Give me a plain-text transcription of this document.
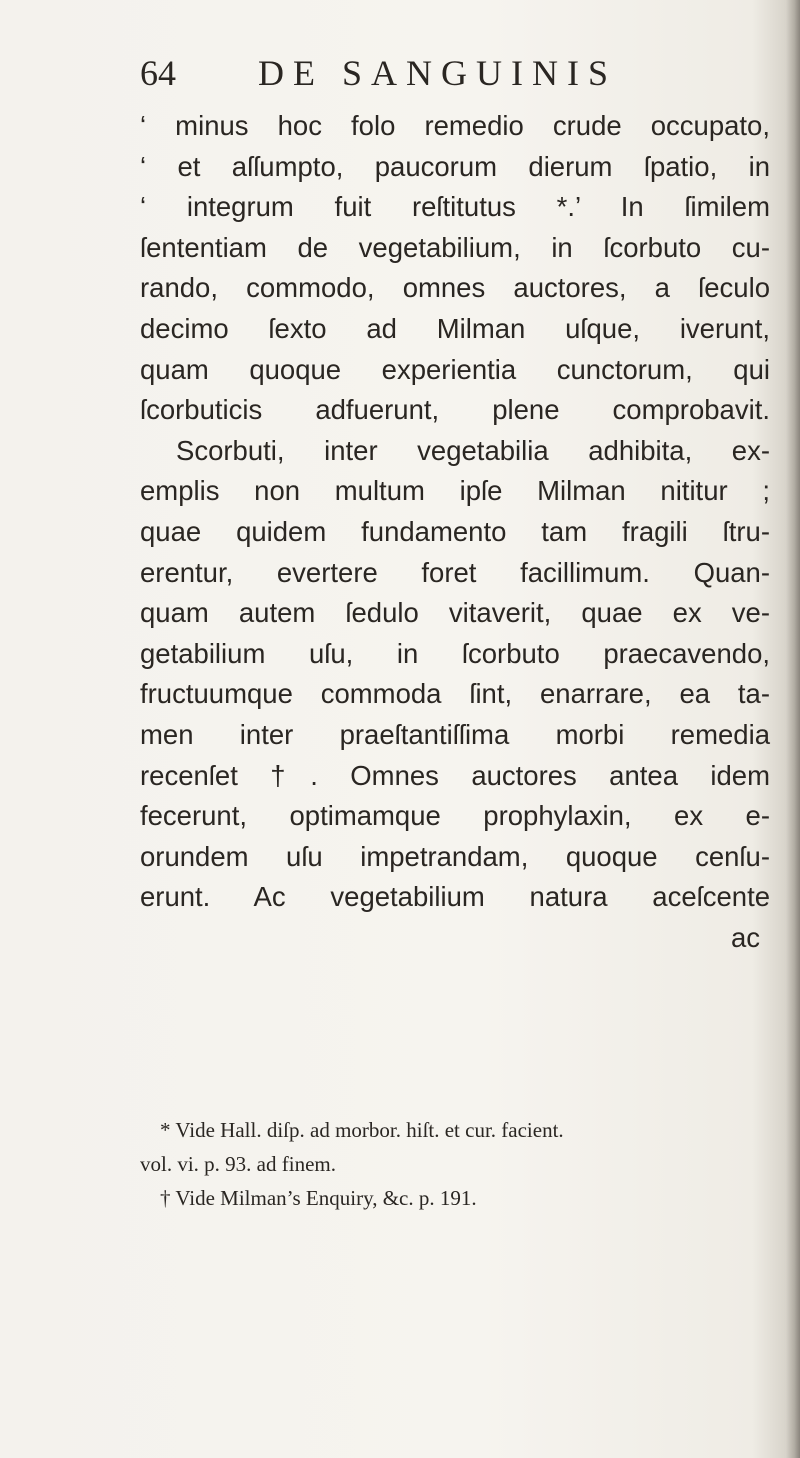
64 DE SANGUINIS
‘ minus hoc folo remedio crude occupato,
‘ et aſſumpto, paucorum dierum ſpatio, in
‘ integrum fuit reſtitutus *.’ In ſimilem
ſententiam de vegetabilium, in ſcorbuto cu-
rando, commodo, omnes auctores, a ſeculo
decimo ſexto ad Milman uſque, iverunt,
quam quoque experientia cunctorum, qui
ſcorbuticis adfuerunt, plene comprobavit.
Scorbuti, inter vegetabilia adhibita, ex-
emplis non multum ipſe Milman nititur ;
quae quidem fundamento tam fragili ſtru-
erentur, evertere foret facillimum. Quan-
quam autem ſedulo vitaverit, quae ex ve-
getabilium uſu, in ſcorbuto praecavendo,
fructuumque commoda ſint, enarrare, ea ta-
men inter praeſtantiſſima morbi remedia
recenſet †. Omnes auctores antea idem
fecerunt, optimamque prophylaxin, ex e-
orundem uſu impetrandam, quoque cenſu-
erunt. Ac vegetabilium natura aceſcente
ac
* Vide Hall. diſp. ad morbor. hiſt. et cur. facient.
vol. vi. p. 93. ad finem.
† Vide Milman’s Enquiry, &c. p. 191.
